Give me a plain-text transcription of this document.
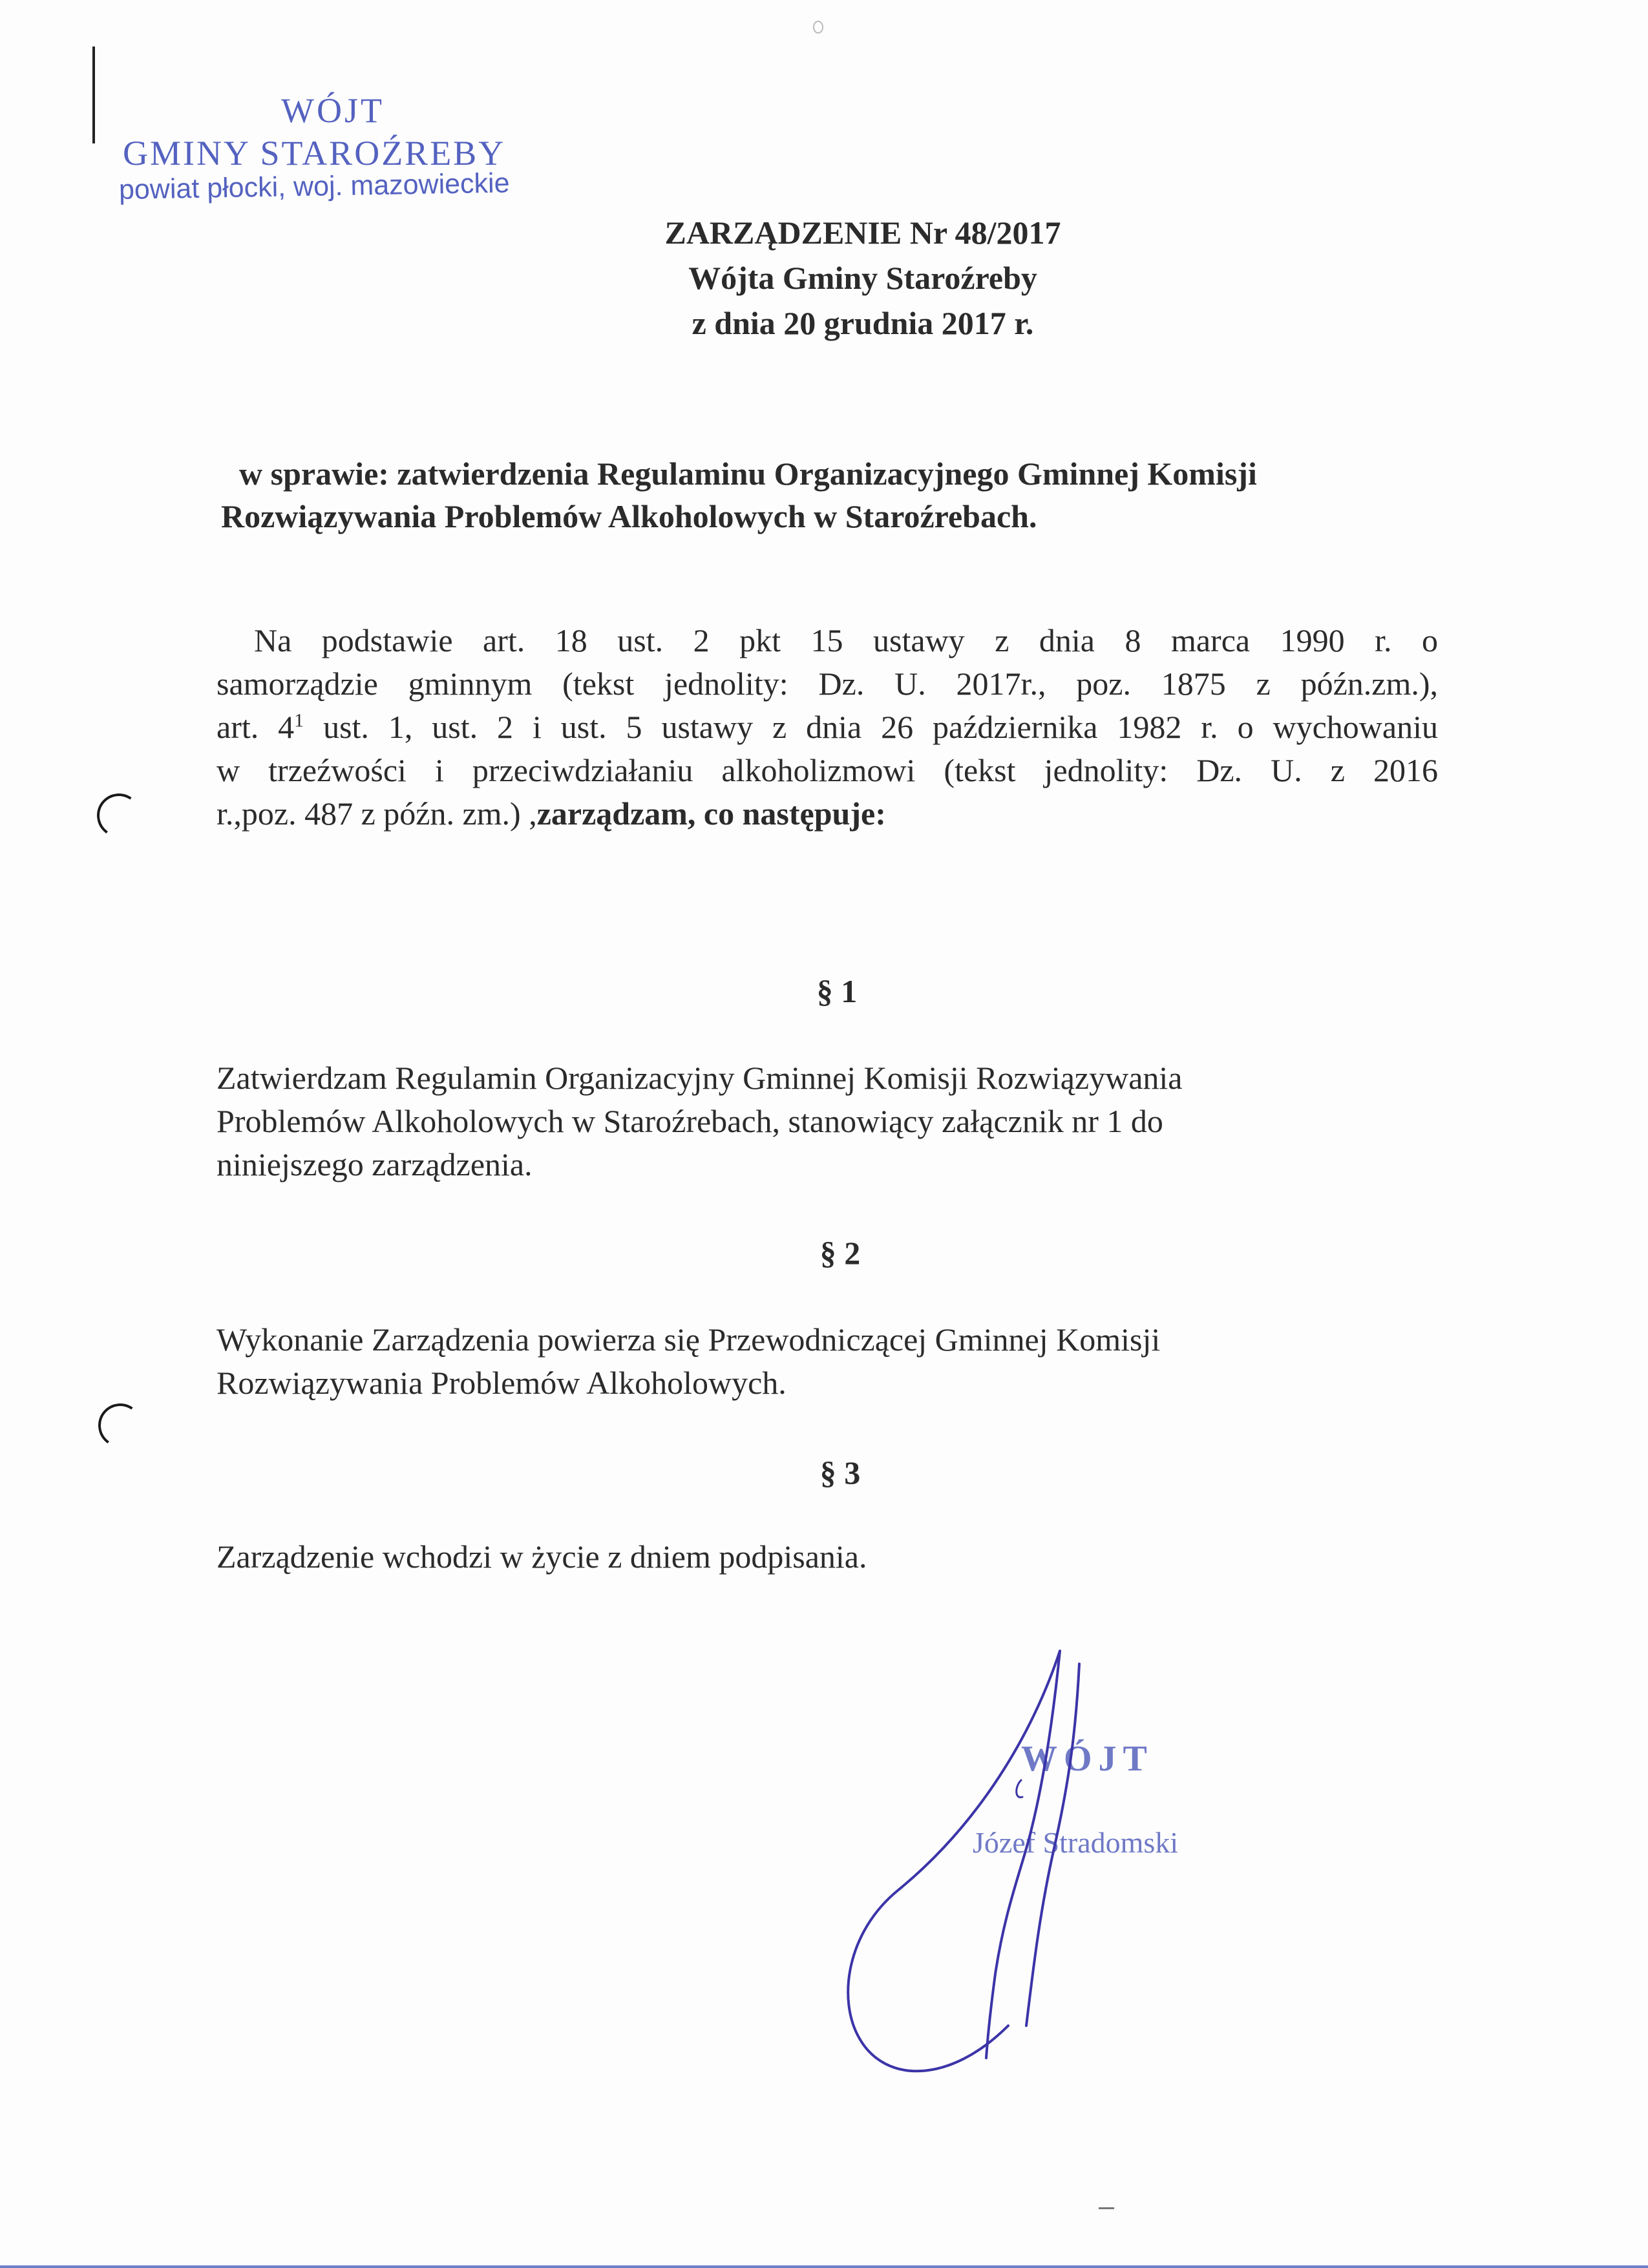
WÓJT
GMINY STAROŹREBY
powiat płocki, woj. mazowieckie
ZARZĄDZENIE Nr 48/2017
Wójta Gminy Staroźreby
z dnia 20 grudnia 2017 r.
w sprawie: zatwierdzenia Regulaminu Organizacyjnego Gminnej Komisji
Rozwiązywania Problemów Alkoholowych w Staroźrebach.
Na podstawie art. 18 ust. 2 pkt 15 ustawy z dnia 8 marca 1990 r. o
samorządzie gminnym (tekst jednolity: Dz. U. 2017r., poz. 1875 z późn.zm.),
art. $4^1$ ust. 1, ust. 2 i ust. 5 ustawy z dnia 26 października 1982 r. o wychowaniu
w trzeźwości i przeciwdziałaniu alkoholizmowi (tekst jednolity: Dz. U. z 2016
r.,poz. 487 z późn. zm.) ,zarządzam, co następuje:
§ 1
Zatwierdzam Regulamin Organizacyjny Gminnej Komisji Rozwiązywania
Problemów Alkoholowych w Staroźrebach, stanowiący załącznik nr 1 do
niniejszego zarządzenia.
§ 2
Wykonanie Zarządzenia powierza się Przewodniczącej Gminnej Komisji
Rozwiązywania Problemów Alkoholowych.
§ 3
Zarządzenie wchodzi w życie z dniem podpisania.
WÓJT
Józef Stradomski
